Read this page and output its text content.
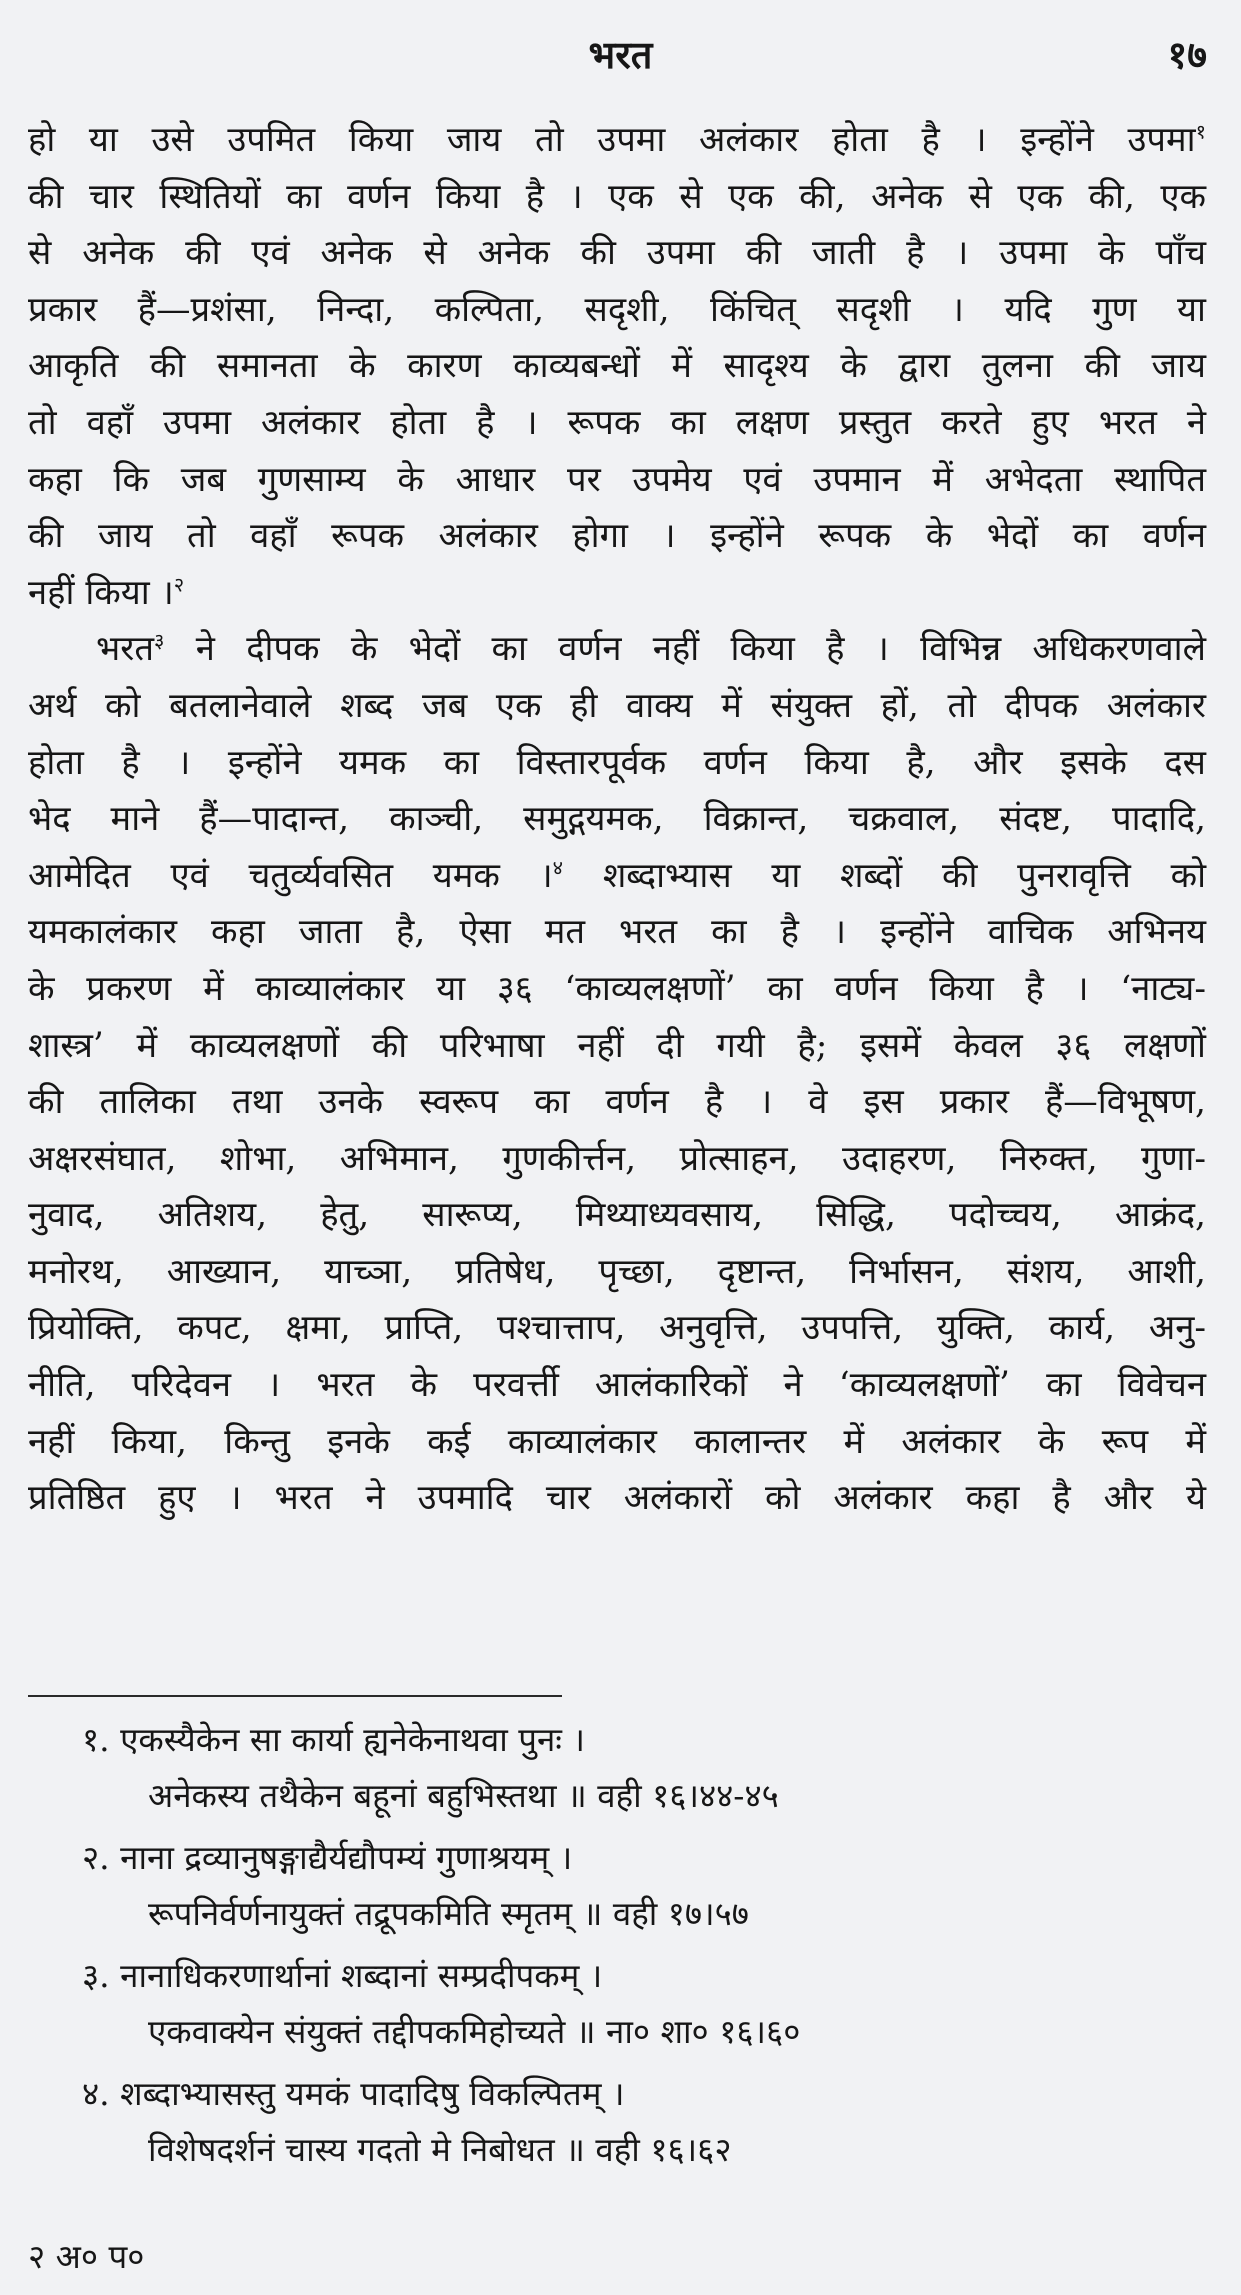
भरत	१७
हो या उसे उपमित किया जाय तो उपमा अलंकार होता है । इन्होंने उपमा$^१$
की चार स्थितियों का वर्णन किया है । एक से एक की, अनेक से एक की, एक
से अनेक की एवं अनेक से अनेक की उपमा की जाती है । उपमा के पाँच
प्रकार हैं—प्रशंसा, निन्दा, कल्पिता, सदृशी, किंचित् सदृशी । यदि गुण या
आकृति की समानता के कारण काव्यबन्धों में सादृश्य के द्वारा तुलना की जाय
तो वहाँ उपमा अलंकार होता है । रूपक का लक्षण प्रस्तुत करते हुए भरत ने
कहा कि जब गुणसाम्य के आधार पर उपमेय एवं उपमान में अभेदता स्थापित
की जाय तो वहाँ रूपक अलंकार होगा । इन्होंने रूपक के भेदों का वर्णन
नहीं किया ।$^२$
भरत$^३$ ने दीपक के भेदों का वर्णन नहीं किया है । विभिन्न अधिकरणवाले
अर्थ को बतलानेवाले शब्द जब एक ही वाक्य में संयुक्त हों, तो दीपक अलंकार
होता है । इन्होंने यमक का विस्तारपूर्वक वर्णन किया है, और इसके दस
भेद माने हैं—पादान्त, काञ्ची, समुद्गयमक, विक्रान्त, चक्रवाल, संदष्ट, पादादि,
आमेदित एवं चतुर्व्यवसित यमक ।$^४$ शब्दाभ्यास या शब्दों की पुनरावृत्ति को
यमकालंकार कहा जाता है, ऐसा मत भरत का है । इन्होंने वाचिक अभिनय
के प्रकरण में काव्यालंकार या ३६ ‘काव्यलक्षणों’ का वर्णन किया है । ‘नाट्य-
शास्त्र’ में काव्यलक्षणों की परिभाषा नहीं दी गयी है; इसमें केवल ३६ लक्षणों
की तालिका तथा उनके स्वरूप का वर्णन है । वे इस प्रकार हैं—विभूषण,
अक्षरसंघात, शोभा, अभिमान, गुणकीर्त्तन, प्रोत्साहन, उदाहरण, निरुक्त, गुणा-
नुवाद, अतिशय, हेतु, सारूप्य, मिथ्याध्यवसाय, सिद्धि, पदोच्चय, आक्रंद,
मनोरथ, आख्यान, याच्ञा, प्रतिषेध, पृच्छा, दृष्टान्त, निर्भासन, संशय, आशी,
प्रियोक्ति, कपट, क्षमा, प्राप्ति, पश्चात्ताप, अनुवृत्ति, उपपत्ति, युक्ति, कार्य, अनु-
नीति, परिदेवन । भरत के परवर्त्ती आलंकारिकों ने ‘काव्यलक्षणों’ का विवेचन
नहीं किया, किन्तु इनके कई काव्यालंकार कालान्तर में अलंकार के रूप में
प्रतिष्ठित हुए । भरत ने उपमादि चार अलंकारों को अलंकार कहा है और ये
१. एकस्यैकेन सा कार्या ह्यनेकेनाथवा पुनः ।
अनेकस्य तथैकेन बहूनां बहुभिस्तथा ॥ वही १६।४४-४५
२. नाना द्रव्यानुषङ्गाद्यैर्यद्यौपम्यं गुणाश्रयम् ।
रूपनिर्वर्णनायुक्तं तद्रूपकमिति स्मृतम् ॥ वही १७।५७
३. नानाधिकरणार्थानां शब्दानां सम्प्रदीपकम् ।
एकवाक्येन संयुक्तं तद्दीपकमिहोच्यते ॥ ना० शा० १६।६०
४. शब्दाभ्यासस्तु यमकं पादादिषु विकल्पितम् ।
विशेषदर्शनं चास्य गदतो मे निबोधत ॥ वही १६।६२
२ अ० प०
